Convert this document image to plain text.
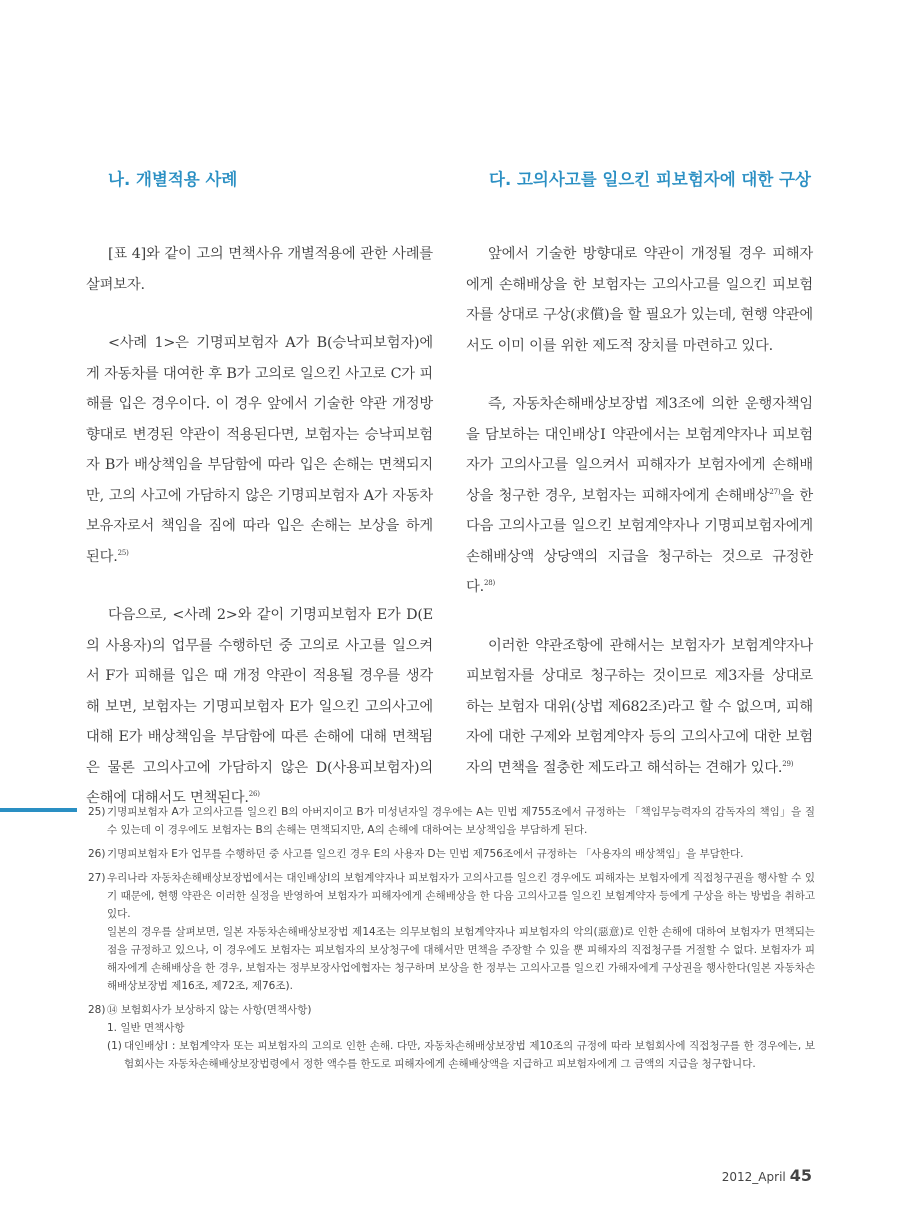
나. 개별적용 사례

[표 4]와 같이 고의 면책사유 개별적용에 관한 사례를 살펴보자.

<사례 1>은 기명피보험자 A가 B(승낙피보험자)에게 자동차를 대여한 후 B가 고의로 일으킨 사고로 C가 피해를 입은 경우이다. 이 경우 앞에서 기술한 약관 개정방향대로 변경된 약관이 적용된다면, 보험자는 승낙피보험자 B가 배상책임을 부담함에 따라 입은 손해는 면책되지만, 고의 사고에 가담하지 않은 기명피보험자 A가 자동차보유자로서 책임을 짐에 따라 입은 손해는 보상을 하게 된다.$^{25)}$

다음으로, <사례 2>와 같이 기명피보험자 E가 D(E의 사용자)의 업무를 수행하던 중 고의로 사고를 일으켜서 F가 피해를 입은 때 개정 약관이 적용될 경우를 생각해 보면, 보험자는 기명피보험자 E가 일으킨 고의사고에 대해 E가 배상책임을 부담함에 따른 손해에 대해 면책됨은 물론 고의사고에 가담하지 않은 D(사용피보험자)의 손해에 대해서도 면책된다.$^{26)}$

다. 고의사고를 일으킨 피보험자에 대한 구상

앞에서 기술한 방향대로 약관이 개정될 경우 피해자에게 손해배상을 한 보험자는 고의사고를 일으킨 피보험자를 상대로 구상(求償)을 할 필요가 있는데, 현행 약관에서도 이미 이를 위한 제도적 장치를 마련하고 있다.

즉, 자동차손해배상보장법 제3조에 의한 운행자책임을 담보하는 대인배상Ⅰ 약관에서는 보험계약자나 피보험자가 고의사고를 일으켜서 피해자가 보험자에게 손해배상을 청구한 경우, 보험자는 피해자에게 손해배상$^{27)}$을 한 다음 고의사고를 일으킨 보험계약자나 기명피보험자에게 손해배상액 상당액의 지급을 청구하는 것으로 규정한다.$^{28)}$

이러한 약관조항에 관해서는 보험자가 보험계약자나 피보험자를 상대로 청구하는 것이므로 제3자를 상대로 하는 보험자 대위(상법 제682조)라고 할 수 없으며, 피해자에 대한 구제와 보험계약자 등의 고의사고에 대한 보험자의 면책을 절충한 제도라고 해석하는 견해가 있다.$^{29)}$

25) 기명피보험자 A가 고의사고를 일으킨 B의 아버지이고 B가 미성년자일 경우에는 A는 민법 제755조에서 규정하는 「책임무능력자의 감독자의 책임」을 질 수 있는데 이 경우에도 보험자는 B의 손해는 면책되지만, A의 손해에 대하여는 보상책임을 부담하게 된다.

26) 기명피보험자 E가 업무를 수행하던 중 사고를 일으킨 경우 E의 사용자 D는 민법 제756조에서 규정하는 「사용자의 배상책임」을 부담한다.

27) 우리나라 자동차손해배상보장법에서는 대인배상Ⅰ의 보험계약자나 피보험자가 고의사고를 일으킨 경우에도 피해자는 보험자에게 직접청구권을 행사할 수 있기 때문에, 현행 약관은 이러한 실정을 반영하여 보험자가 피해자에게 손해배상을 한 다음 고의사고를 일으킨 보험계약자 등에게 구상을 하는 방법을 취하고 있다.

일본의 경우를 살펴보면, 일본 자동차손해배상보장법 제14조는 의무보험의 보험계약자나 피보험자의 악의(惡意)로 인한 손해에 대하여 보험자가 면책되는 점을 규정하고 있으나, 이 경우에도 보험자는 피보험자의 보상청구에 대해서만 면책을 주장할 수 있을 뿐 피해자의 직접청구를 거절할 수 없다. 보험자가 피해자에게 손해배상을 한 경우, 보험자는 정부보장사업에협자는 청구하며 보상을 한 정부는 고의사고를 일으킨 가해자에게 구상권을 행사한다(일본 자동차손해배상보장법 제16조, 제72조, 제76조).

28) ⑭ 보험회사가 보상하지 않는 사항(면책사항)

1. 일반 면책사항

(1) 대인배상Ⅰ : 보험계약자 또는 피보험자의 고의로 인한 손해. 다만, 자동차손해배상보장법 제10조의 규정에 따라 보험회사에 직접청구를 한 경우에는, 보험회사는 자동차손해배상보장법령에서 정한 액수를 한도로 피해자에게 손해배상액을 지급하고 피보험자에게 그 금액의 지급을 청구합니다.

2012_April 45
